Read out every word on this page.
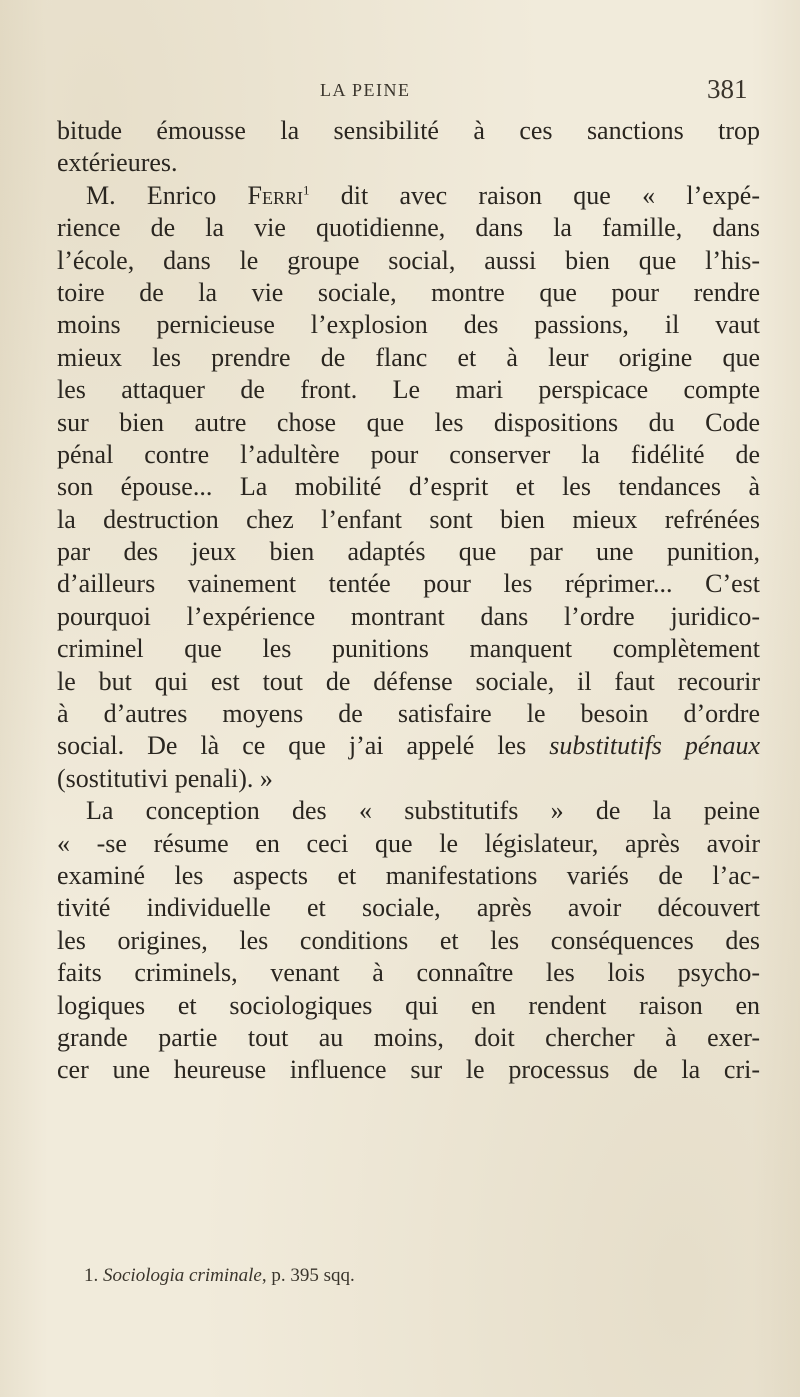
LA PEINE	381
bitude émousse la sensibilité à ces sanctions trop
extérieures.
M. Enrico Ferri$^1$ dit avec raison que « l’expé-
rience de la vie quotidienne, dans la famille, dans
l’école, dans le groupe social, aussi bien que l’his-
toire de la vie sociale, montre que pour rendre
moins pernicieuse l’explosion des passions, il vaut
mieux les prendre de flanc et à leur origine que
les attaquer de front. Le mari perspicace compte
sur bien autre chose que les dispositions du Code
pénal contre l’adultère pour conserver la fidélité de
son épouse... La mobilité d’esprit et les tendances à
la destruction chez l’enfant sont bien mieux refrénées
par des jeux bien adaptés que par une punition,
d’ailleurs vainement tentée pour les réprimer... C’est
pourquoi l’expérience montrant dans l’ordre juridico-
criminel que les punitions manquent complètement
le but qui est tout de défense sociale, il faut recourir
à d’autres moyens de satisfaire le besoin d’ordre
social. De là ce que j’ai appelé les substitutifs pénaux
(sostitutivi penali). »
La conception des « substitutifs » de la peine
« -se résume en ceci que le législateur, après avoir
examiné les aspects et manifestations variés de l’ac-
tivité individuelle et sociale, après avoir découvert
les origines, les conditions et les conséquences des
faits criminels, venant à connaître les lois psycho-
logiques et sociologiques qui en rendent raison en
grande partie tout au moins, doit chercher à exer-
cer une heureuse influence sur le processus de la cri-
1. Sociologia criminale, p. 395 sqq.
